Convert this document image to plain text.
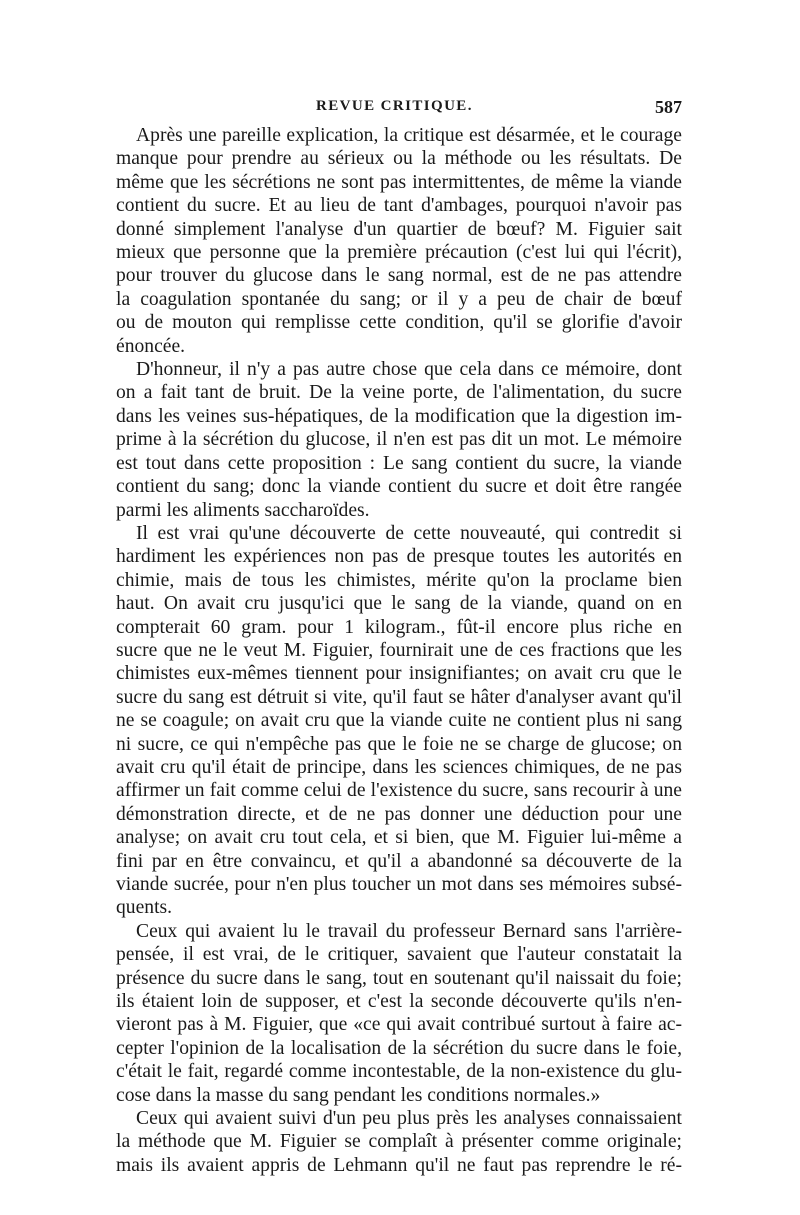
REVUE CRITIQUE.	587
Après une pareille explication, la critique est désarmée, et le courage
manque pour prendre au sérieux ou la méthode ou les résultats. De
même que les sécrétions ne sont pas intermittentes, de même la viande
contient du sucre. Et au lieu de tant d'ambages, pourquoi n'avoir pas
donné simplement l'analyse d'un quartier de bœuf? M. Figuier sait
mieux que personne que la première précaution (c'est lui qui l'écrit),
pour trouver du glucose dans le sang normal, est de ne pas attendre
la coagulation spontanée du sang; or il y a peu de chair de bœuf
ou de mouton qui remplisse cette condition, qu'il se glorifie d'avoir
énoncée.
D'honneur, il n'y a pas autre chose que cela dans ce mémoire, dont
on a fait tant de bruit. De la veine porte, de l'alimentation, du sucre
dans les veines sus-hépatiques, de la modification que la digestion im-
prime à la sécrétion du glucose, il n'en est pas dit un mot. Le mémoire
est tout dans cette proposition : Le sang contient du sucre, la viande
contient du sang; donc la viande contient du sucre et doit être rangée
parmi les aliments saccharoïdes.
Il est vrai qu'une découverte de cette nouveauté, qui contredit si
hardiment les expériences non pas de presque toutes les autorités en
chimie, mais de tous les chimistes, mérite qu'on la proclame bien
haut. On avait cru jusqu'ici que le sang de la viande, quand on en
compterait 60 gram. pour 1 kilogram., fût-il encore plus riche en
sucre que ne le veut M. Figuier, fournirait une de ces fractions que les
chimistes eux-mêmes tiennent pour insignifiantes; on avait cru que le
sucre du sang est détruit si vite, qu'il faut se hâter d'analyser avant qu'il
ne se coagule; on avait cru que la viande cuite ne contient plus ni sang
ni sucre, ce qui n'empêche pas que le foie ne se charge de glucose; on
avait cru qu'il était de principe, dans les sciences chimiques, de ne pas
affirmer un fait comme celui de l'existence du sucre, sans recourir à une
démonstration directe, et de ne pas donner une déduction pour une
analyse; on avait cru tout cela, et si bien, que M. Figuier lui-même a
fini par en être convaincu, et qu'il a abandonné sa découverte de la
viande sucrée, pour n'en plus toucher un mot dans ses mémoires subsé-
quents.
Ceux qui avaient lu le travail du professeur Bernard sans l'arrière-
pensée, il est vrai, de le critiquer, savaient que l'auteur constatait la
présence du sucre dans le sang, tout en soutenant qu'il naissait du foie;
ils étaient loin de supposer, et c'est la seconde découverte qu'ils n'en-
vieront pas à M. Figuier, que «ce qui avait contribué surtout à faire ac-
cepter l'opinion de la localisation de la sécrétion du sucre dans le foie,
c'était le fait, regardé comme incontestable, de la non-existence du glu-
cose dans la masse du sang pendant les conditions normales.»
Ceux qui avaient suivi d'un peu plus près les analyses connaissaient
la méthode que M. Figuier se complaît à présenter comme originale;
mais ils avaient appris de Lehmann qu'il ne faut pas reprendre le ré-
